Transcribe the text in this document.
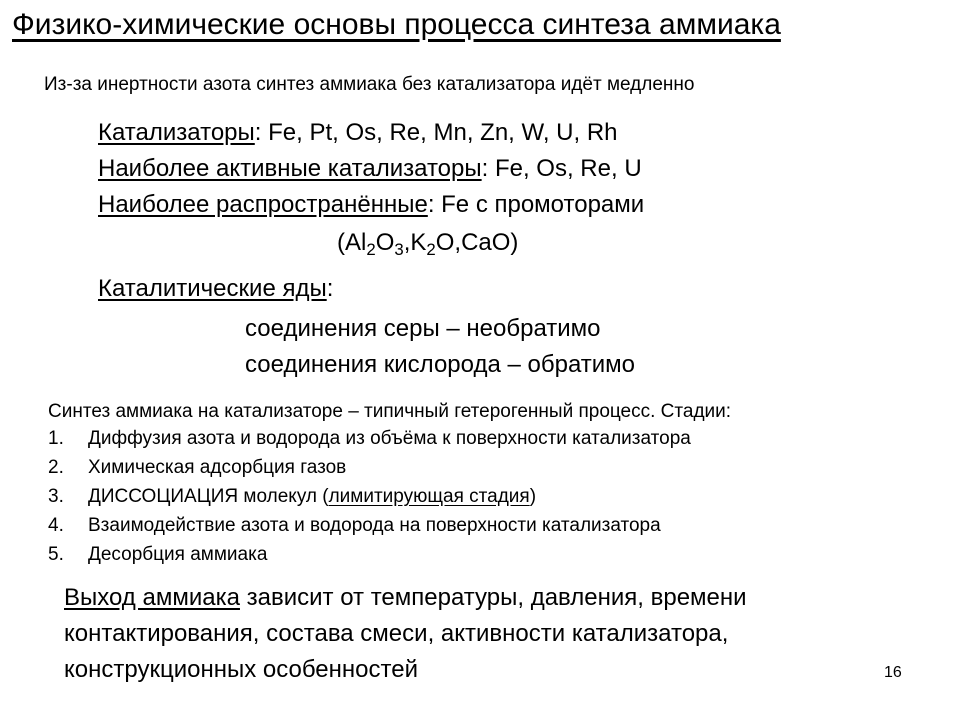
Физико-химические основы процесса синтеза аммиака
Из-за инертности азота синтез аммиака без катализатора идёт медленно
Катализаторы: Fe, Pt, Os, Re, Mn, Zn, W, U, Rh
Наиболее активные катализаторы: Fe, Os, Re, U
Наиболее распространённые: Fe с промоторами
$(Al_2O_3,K_2O,CaO)$
Каталитические яды:
соединения серы – необратимо
соединения кислорода – обратимо
Синтез аммиака на катализаторе – типичный гетерогенный процесс. Стадии:
1. Диффузия азота и водорода из объёма к поверхности катализатора
2. Химическая адсорбция газов
3. ДИССОЦИАЦИЯ молекул (лимитирующая стадия)
4. Взаимодействие азота и водорода на поверхности катализатора
5. Десорбция аммиака
Выход аммиака зависит от температуры, давления, времени контактирования, состава смеси, активности катализатора, конструкционных особенностей	16
